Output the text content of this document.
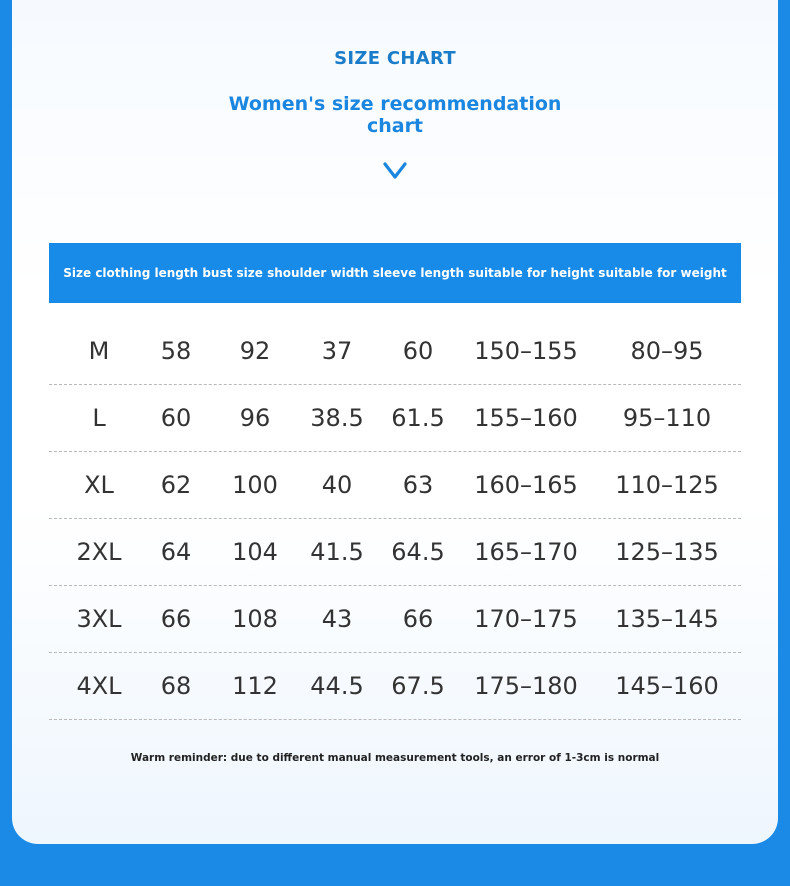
SIZE CHART
Women's size recommendation
chart
Size clothing length bust size shoulder width sleeve length suitable for height suitable for weight
M 58 92 37 60 150–155 80–95
L 60 96 38.5 61.5 155–160 95–110
XL 62 100 40 63 160–165 110–125
2XL 64 104 41.5 64.5 165–170 125–135
3XL 66 108 43 66 170–175 135–145
4XL 68 112 44.5 67.5 175–180 145–160
Warm reminder: due to different manual measurement tools, an error of 1-3cm is normal
